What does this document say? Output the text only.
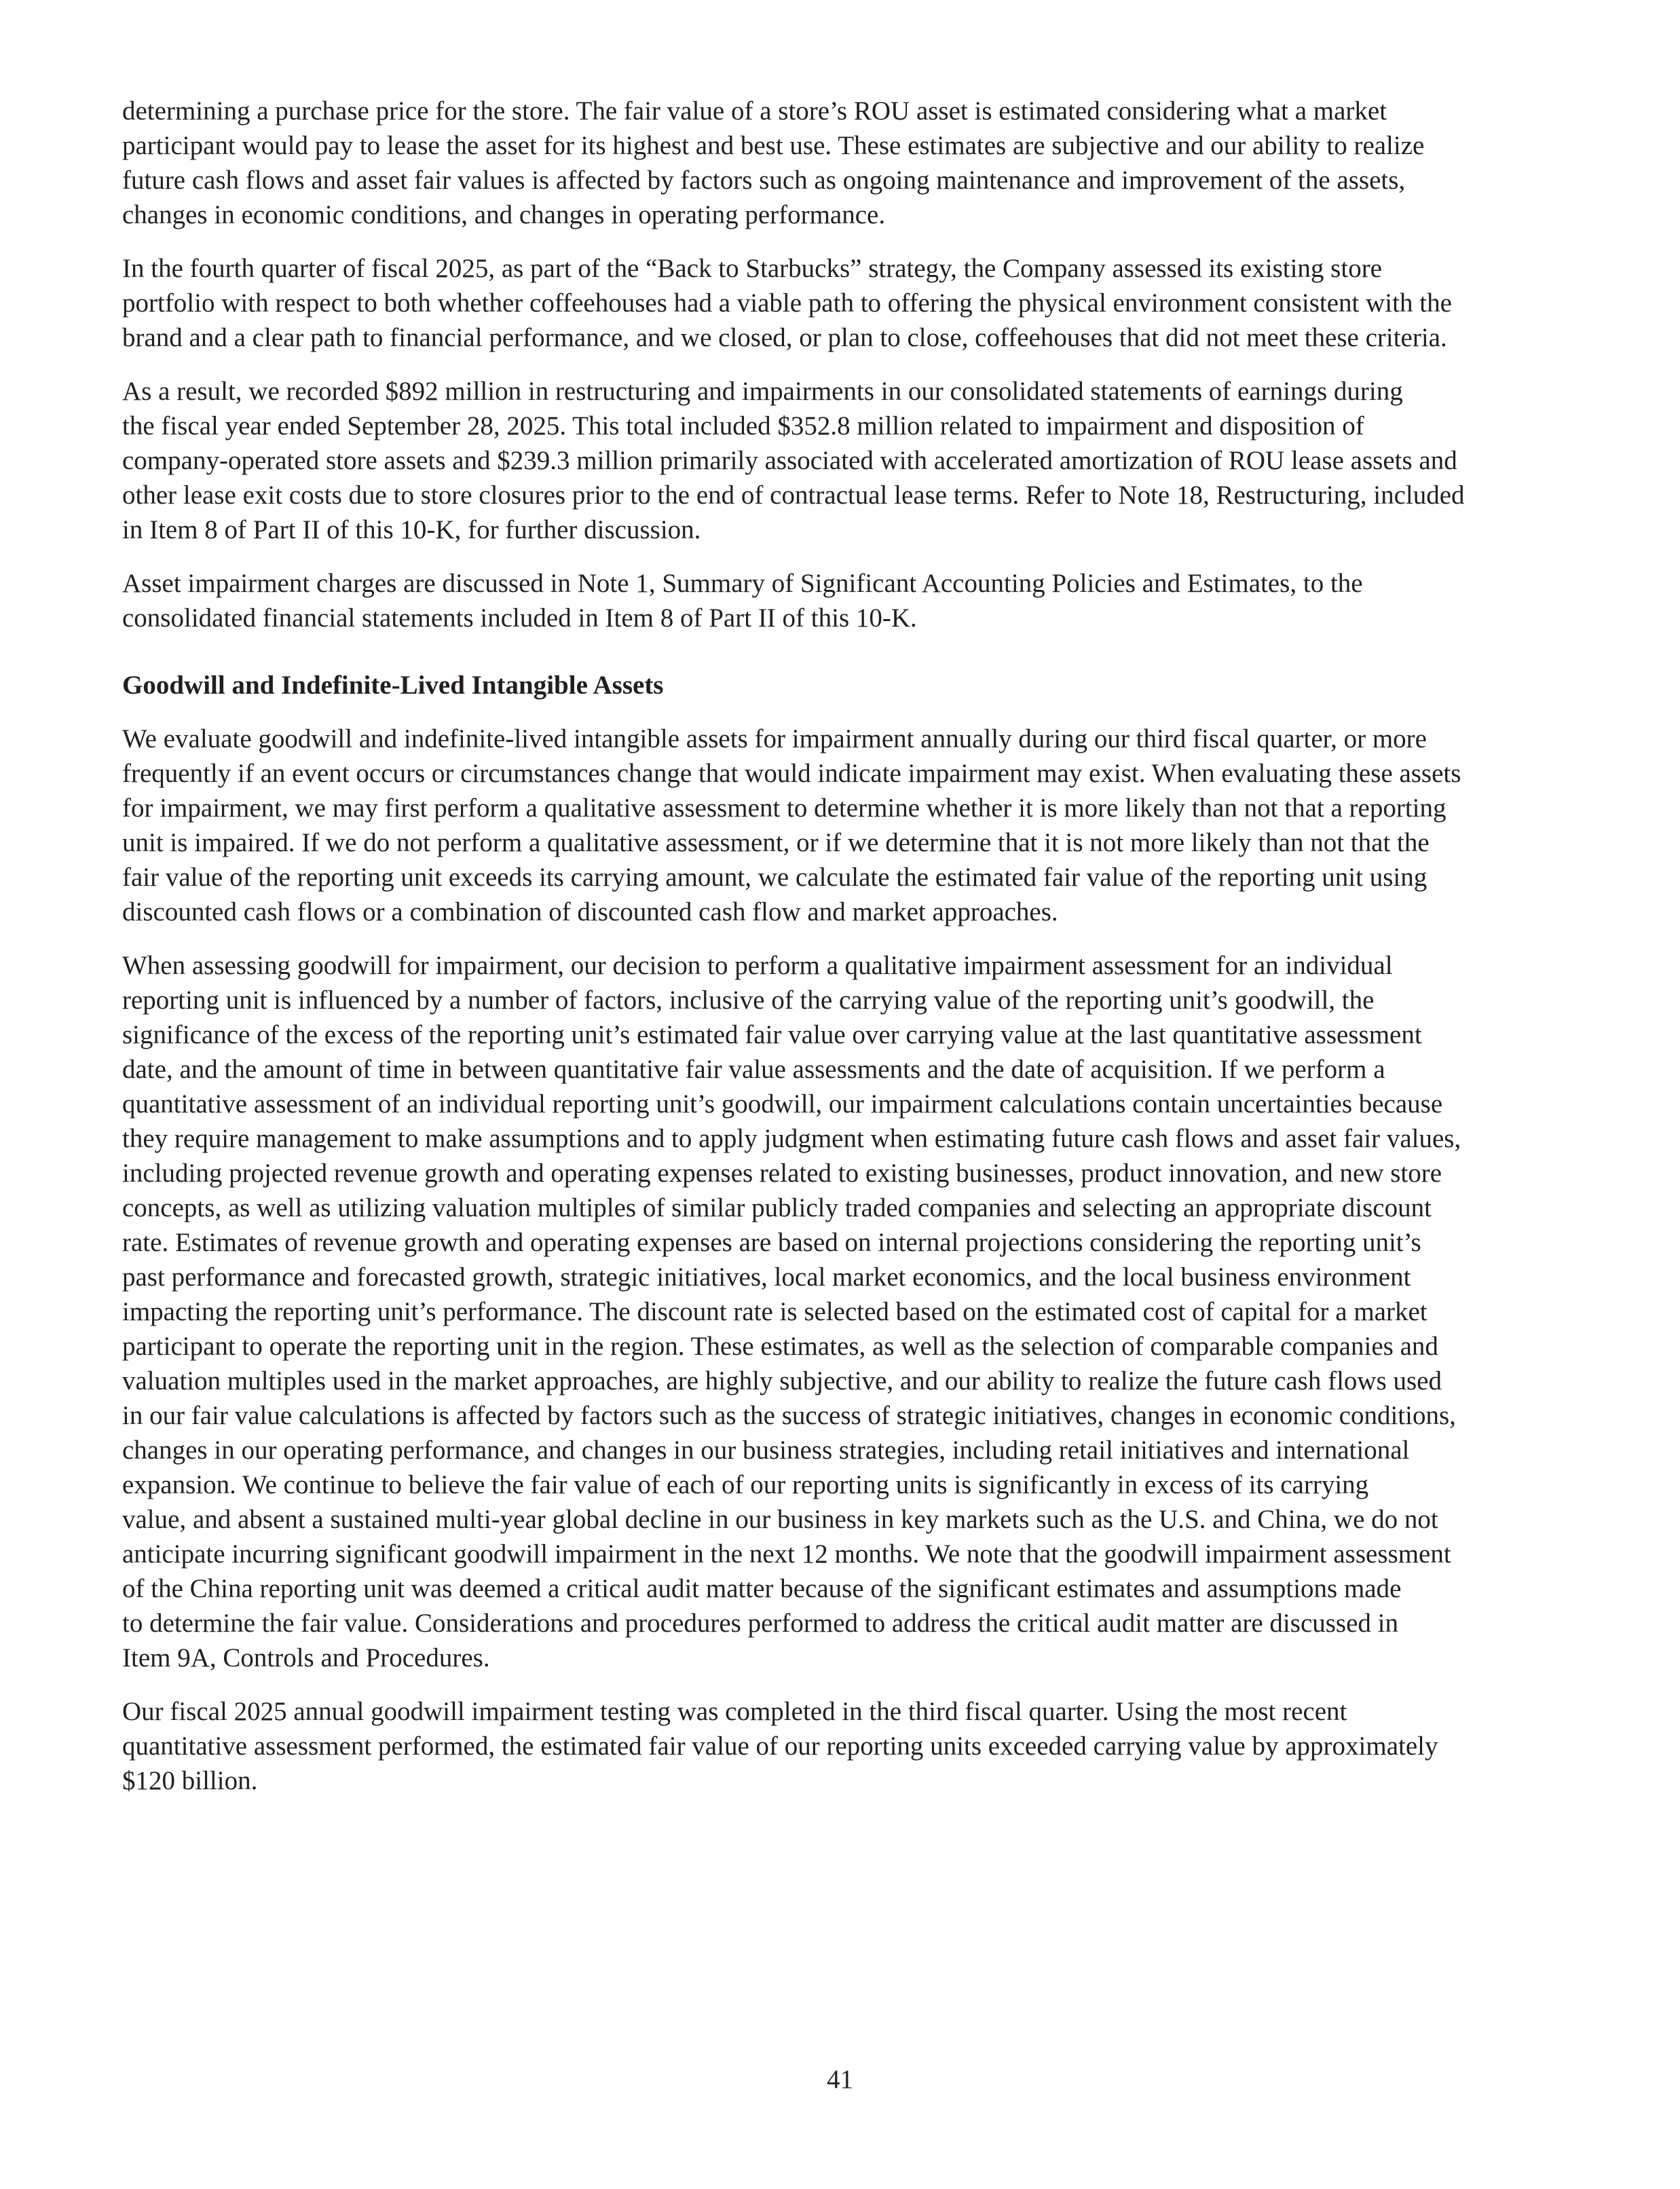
determining a purchase price for the store. The fair value of a store’s ROU asset is estimated considering what a market
participant would pay to lease the asset for its highest and best use. These estimates are subjective and our ability to realize
future cash flows and asset fair values is affected by factors such as ongoing maintenance and improvement of the assets,
changes in economic conditions, and changes in operating performance.

In the fourth quarter of fiscal 2025, as part of the “Back to Starbucks” strategy, the Company assessed its existing store
portfolio with respect to both whether coffeehouses had a viable path to offering the physical environment consistent with the
brand and a clear path to financial performance, and we closed, or plan to close, coffeehouses that did not meet these criteria.

As a result, we recorded $892 million in restructuring and impairments in our consolidated statements of earnings during
the fiscal year ended September 28, 2025. This total included $352.8 million related to impairment and disposition of
company-operated store assets and $239.3 million primarily associated with accelerated amortization of ROU lease assets and
other lease exit costs due to store closures prior to the end of contractual lease terms. Refer to Note 18, Restructuring, included
in Item 8 of Part II of this 10-K, for further discussion.

Asset impairment charges are discussed in Note 1, Summary of Significant Accounting Policies and Estimates, to the
consolidated financial statements included in Item 8 of Part II of this 10-K.

Goodwill and Indefinite-Lived Intangible Assets

We evaluate goodwill and indefinite-lived intangible assets for impairment annually during our third fiscal quarter, or more
frequently if an event occurs or circumstances change that would indicate impairment may exist. When evaluating these assets
for impairment, we may first perform a qualitative assessment to determine whether it is more likely than not that a reporting
unit is impaired. If we do not perform a qualitative assessment, or if we determine that it is not more likely than not that the
fair value of the reporting unit exceeds its carrying amount, we calculate the estimated fair value of the reporting unit using
discounted cash flows or a combination of discounted cash flow and market approaches.

When assessing goodwill for impairment, our decision to perform a qualitative impairment assessment for an individual
reporting unit is influenced by a number of factors, inclusive of the carrying value of the reporting unit’s goodwill, the
significance of the excess of the reporting unit’s estimated fair value over carrying value at the last quantitative assessment
date, and the amount of time in between quantitative fair value assessments and the date of acquisition. If we perform a
quantitative assessment of an individual reporting unit’s goodwill, our impairment calculations contain uncertainties because
they require management to make assumptions and to apply judgment when estimating future cash flows and asset fair values,
including projected revenue growth and operating expenses related to existing businesses, product innovation, and new store
concepts, as well as utilizing valuation multiples of similar publicly traded companies and selecting an appropriate discount
rate. Estimates of revenue growth and operating expenses are based on internal projections considering the reporting unit’s
past performance and forecasted growth, strategic initiatives, local market economics, and the local business environment
impacting the reporting unit’s performance. The discount rate is selected based on the estimated cost of capital for a market
participant to operate the reporting unit in the region. These estimates, as well as the selection of comparable companies and
valuation multiples used in the market approaches, are highly subjective, and our ability to realize the future cash flows used
in our fair value calculations is affected by factors such as the success of strategic initiatives, changes in economic conditions,
changes in our operating performance, and changes in our business strategies, including retail initiatives and international
expansion. We continue to believe the fair value of each of our reporting units is significantly in excess of its carrying
value, and absent a sustained multi-year global decline in our business in key markets such as the U.S. and China, we do not
anticipate incurring significant goodwill impairment in the next 12 months. We note that the goodwill impairment assessment
of the China reporting unit was deemed a critical audit matter because of the significant estimates and assumptions made
to determine the fair value. Considerations and procedures performed to address the critical audit matter are discussed in
Item 9A, Controls and Procedures.

Our fiscal 2025 annual goodwill impairment testing was completed in the third fiscal quarter. Using the most recent
quantitative assessment performed, the estimated fair value of our reporting units exceeded carrying value by approximately
$120 billion.

41
